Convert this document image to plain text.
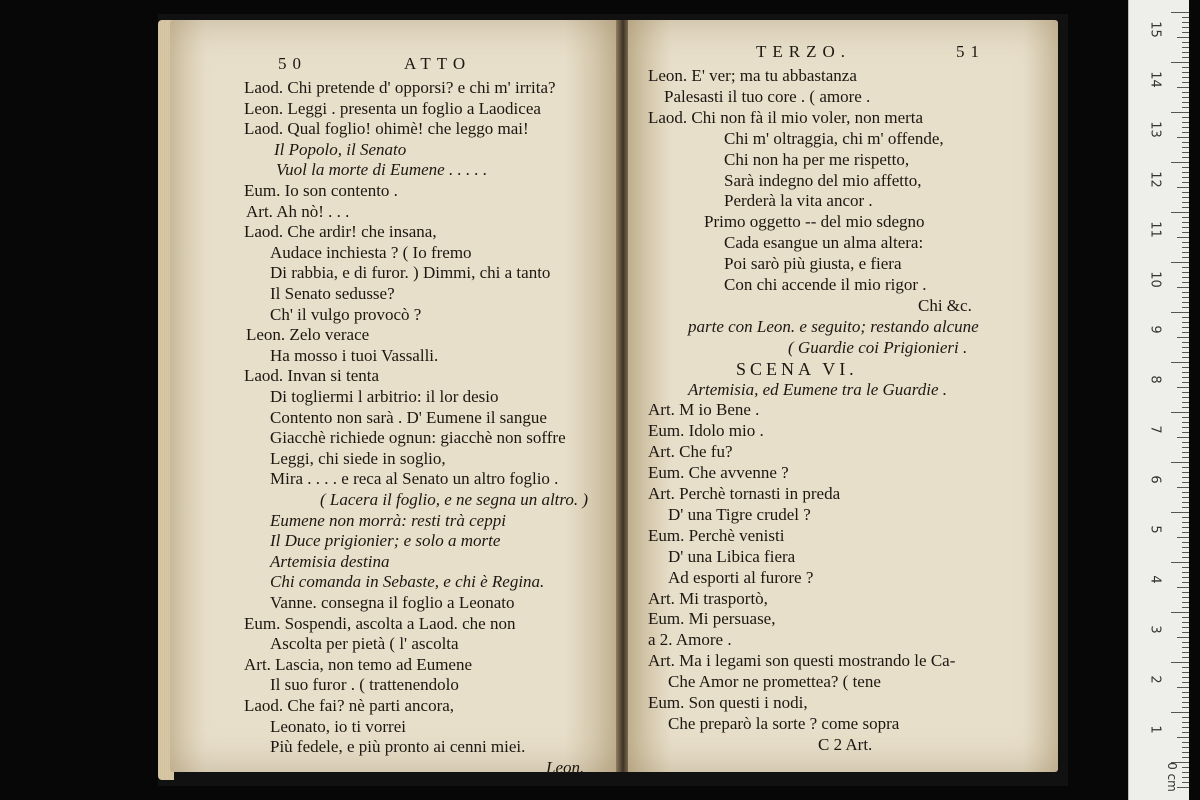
50	ATTO
Laod. Chi pretende d' opporsi? e chi m' irrita?
Leon. Leggi . presenta un foglio a Laodicea
Laod. Qual foglio! ohimè! che leggo mai!
Il Popolo, il Senato
Vuol la morte di Eumene . . . . .
Eum. Io son contento .
Art. Ah nò! . . .
Laod. Che ardir! che insana,
Audace inchiesta ? ( Io fremo
Di rabbia, e di furor. ) Dimmi, chi a tanto
Il Senato sedusse?
Ch' il vulgo provocò ?
Leon. Zelo verace
Ha mosso i tuoi Vassalli.
Laod. Invan si tenta
Di togliermi l arbitrio: il lor desio
Contento non sarà . D' Eumene il sangue
Giacchè richiede ognun: giacchè non soffre
Leggi, chi siede in soglio,
Mira . . . . e reca al Senato un altro foglio .
( Lacera il foglio, e ne segna un altro. )
Eumene non morrà: resti trà ceppi
Il Duce prigionier; e solo a morte
Artemisia destina
Chi comanda in Sebaste, e chi è Regina.
Vanne. consegna il foglio a Leonato
Eum. Sospendi, ascolta a Laod. che non
Ascolta per pietà ( l' ascolta
Art. Lascia, non temo ad Eumene
Il suo furor . ( trattenendolo
Laod. Che fai? nè parti ancora,
Leonato, io ti vorrei
Più fedele, e più pronto ai cenni miei.
Leon.
TERZO.	51
Leon. E' ver; ma tu abbastanza
Palesasti il tuo core . ( amore .
Laod. Chi non fà il mio voler, non merta
Chi m' oltraggia, chi m' offende,
Chi non ha per me rispetto,
Sarà indegno del mio affetto,
Perderà la vita ancor .
Primo oggetto -- del mio sdegno
Cada esangue un alma altera:
Poi sarò più giusta, e fiera
Con chi accende il mio rigor .
Chi &c.
parte con Leon. e seguito; restando alcune
( Guardie coi Prigionieri .
SCENA VI.
Artemisia, ed Eumene tra le Guardie .
Art. M io Bene .
Eum. Idolo mio .
Art. Che fu?
Eum. Che avvenne ?
Art. Perchè tornasti in preda
D' una Tigre crudel ?
Eum. Perchè venisti
D' una Libica fiera
Ad esporti al furore ?
Art. Mi trasportò,
Eum. Mi persuase,
a 2. Amore .
Art. Ma i legami son questi mostrando le Ca-
Che Amor ne promettea? ( tene
Eum. Son questi i nodi,
Che preparò la sorte ? come sopra
C 2 Art.
15
14
13
12
11
10
9
8
7
6
5
4
3
2
1
0 cm
